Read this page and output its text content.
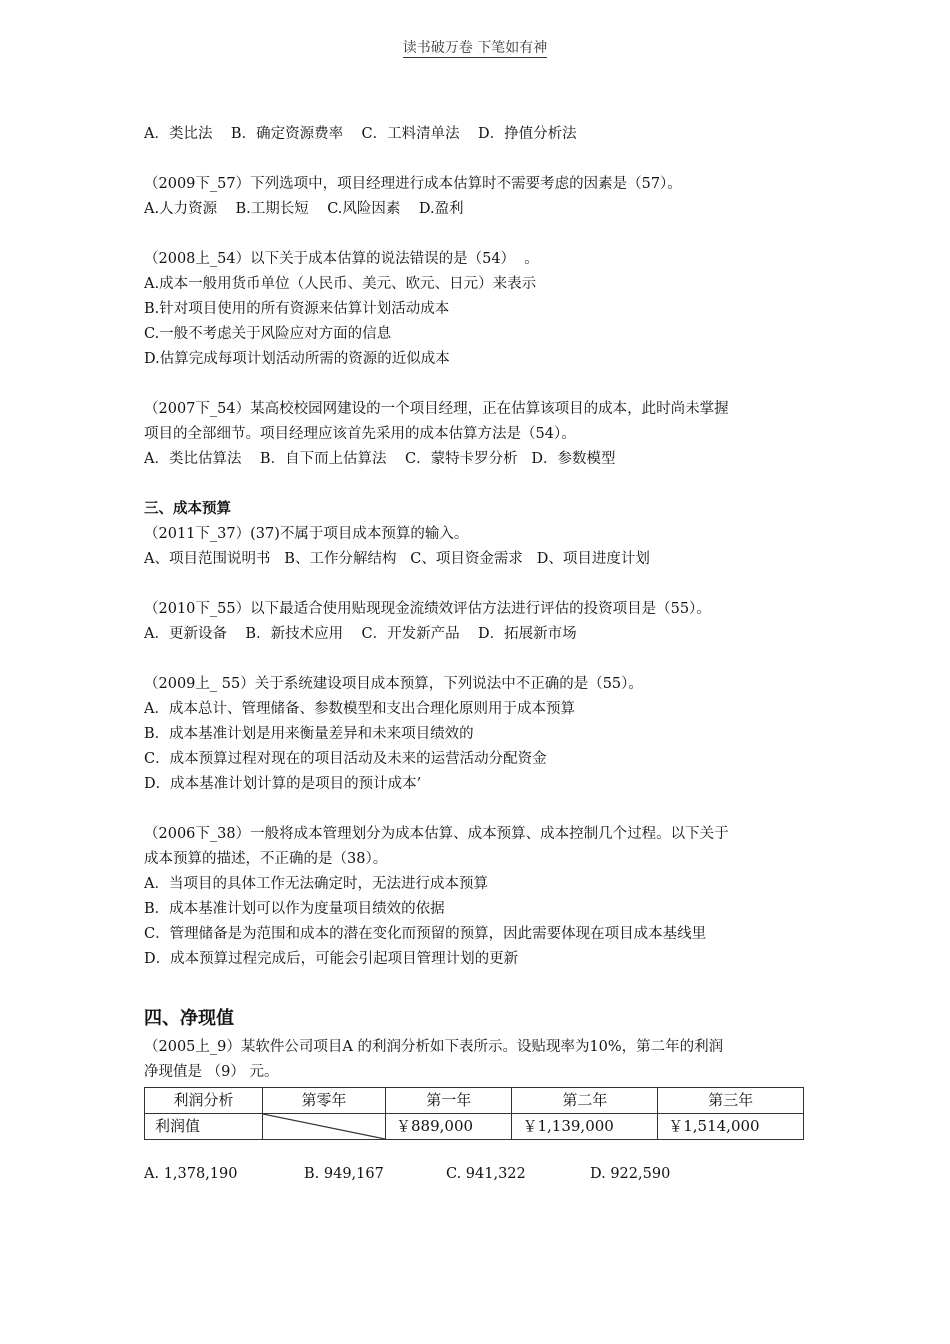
读书破万卷 下笔如有神
A．类比法    B．确定资源费率    C．工料清单法    D．挣值分析法
（2009下_57）下列选项中，项目经理进行成本估算时不需要考虑的因素是（57）。
A.人力资源    B.工期长短    C.风险因素    D.盈利
（2008上_54）以下关于成本估算的说法错误的是（54）  。
A.成本一般用货币单位（人民币、美元、欧元、日元）来表示
B.针对项目使用的所有资源来估算计划活动成本
C.一般不考虑关于风险应对方面的信息
D.估算完成每项计划活动所需的资源的近似成本
（2007下_54）某高校校园网建设的一个项目经理，正在估算该项目的成本，此时尚未掌握
项目的全部细节。项目经理应该首先采用的成本估算方法是（54）。
A．类比估算法    B．自下而上估算法    C．蒙特卡罗分析   D．参数模型
三、成本预算
（2011下_37）(37)不属于项目成本预算的输入。
A、项目范围说明书   B、工作分解结构   C、项目资金需求   D、项目进度计划
（2010下_55）以下最适合使用贴现现金流绩效评估方法进行评估的投资项目是（55）。
A．更新设备    B．新技术应用    C．开发新产品    D．拓展新市场
（2009上_ 55）关于系统建设项目成本预算，下列说法中不正确的是（55）。
A．成本总计、管理储备、参数模型和支出合理化原则用于成本预算
B．成本基准计划是用来衡量差异和未来项目绩效的
C．成本预算过程对现在的项目活动及未来的运营活动分配资金
D．成本基准计划计算的是项目的预计成本’
（2006下_38）一般将成本管理划分为成本估算、成本预算、成本控制几个过程。以下关于
成本预算的描述，不正确的是（38）。
A．当项目的具体工作无法确定时，无法进行成本预算
B．成本基准计划可以作为度量项目绩效的依据
C．管理储备是为范围和成本的潜在变化而预留的预算，因此需要体现在项目成本基线里
D．成本预算过程完成后，可能会引起项目管理计划的更新
四、净现值
（2005上_9）某软件公司项目A 的利润分析如下表所示。设贴现率为10%，第二年的利润
净现值是 （9） 元。
利润分析	第零年	第一年	第二年	第三年
利润值		￥889,000	￥1,139,000	￥1,514,000
A. 1,378,190	B. 949,167	C. 941,322	D. 922,590
